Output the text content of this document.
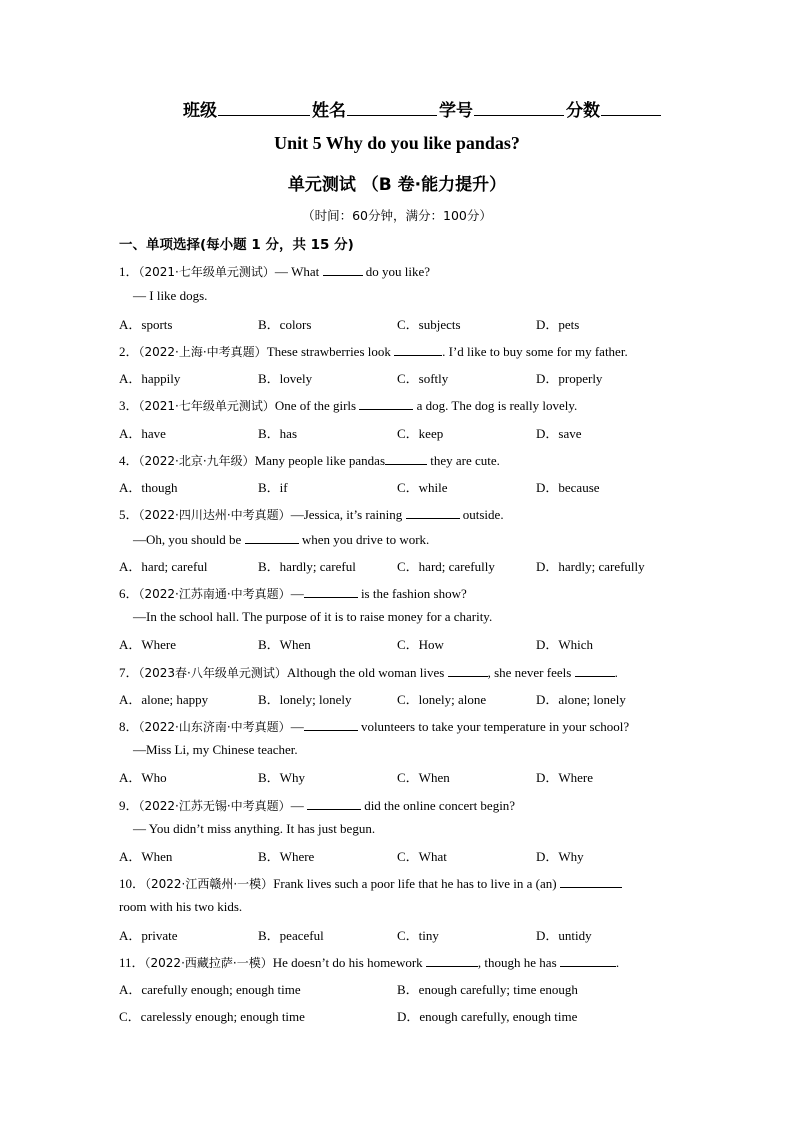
班级	姓名	学号	分数
Unit 5 Why do you like pandas?
单元测试 （B 卷·能力提升）
（时间：60分钟，满分：100分）
一、单项选择(每小题 1 分，共 15 分)
1．（2021·七年级单元测试）— What	do you like?
— I like dogs.
A．sports	B．colors	C．subjects	D．pets
2．（2022·上海·中考真题）These strawberries look	. I’d like to buy some for my father.
A．happily	B．lovely	C．softly	D．properly
3．（2021·七年级单元测试）One of the girls	a dog. The dog is really lovely.
A．have	B．has	C．keep	D．save
4．（2022·北京·九年级）Many people like pandas	they are cute.
A．though	B．if	C．while	D．because
5．（2022·四川达州·中考真题）—Jessica, it’s raining	outside.
—Oh, you should be	when you drive to work.
A．hard; careful	B．hardly; careful	C．hard; carefully	D．hardly; carefully
6．（2022·江苏南通·中考真题）—	is the fashion show?
—In the school hall. The purpose of it is to raise money for a charity.
A．Where	B．When	C．How	D．Which
7．（2023春·八年级单元测试）Although the old woman lives	, she never feels	.
A．alone; happy	B．lonely; lonely	C．lonely; alone	D．alone; lonely
8．（2022·山东济南·中考真题）—	volunteers to take your temperature in your school?
—Miss Li, my Chinese teacher.
A．Who	B．Why	C．When	D．Where
9．（2022·江苏无锡·中考真题）—	did the online concert begin?
— You didn’t miss anything. It has just begun.
A．When	B．Where	C．What	D．Why
10．（2022·江西赣州·一模）Frank lives such a poor life that he has to live in a (an)
room with his two kids.
A．private	B．peaceful	C．tiny	D．untidy
11．（2022·西藏拉萨·一模）He doesn’t do his homework	, though he has	.
A．carefully enough; enough time	B．enough carefully; time enough
C．carelessly enough; enough time	D．enough carefully, enough time
